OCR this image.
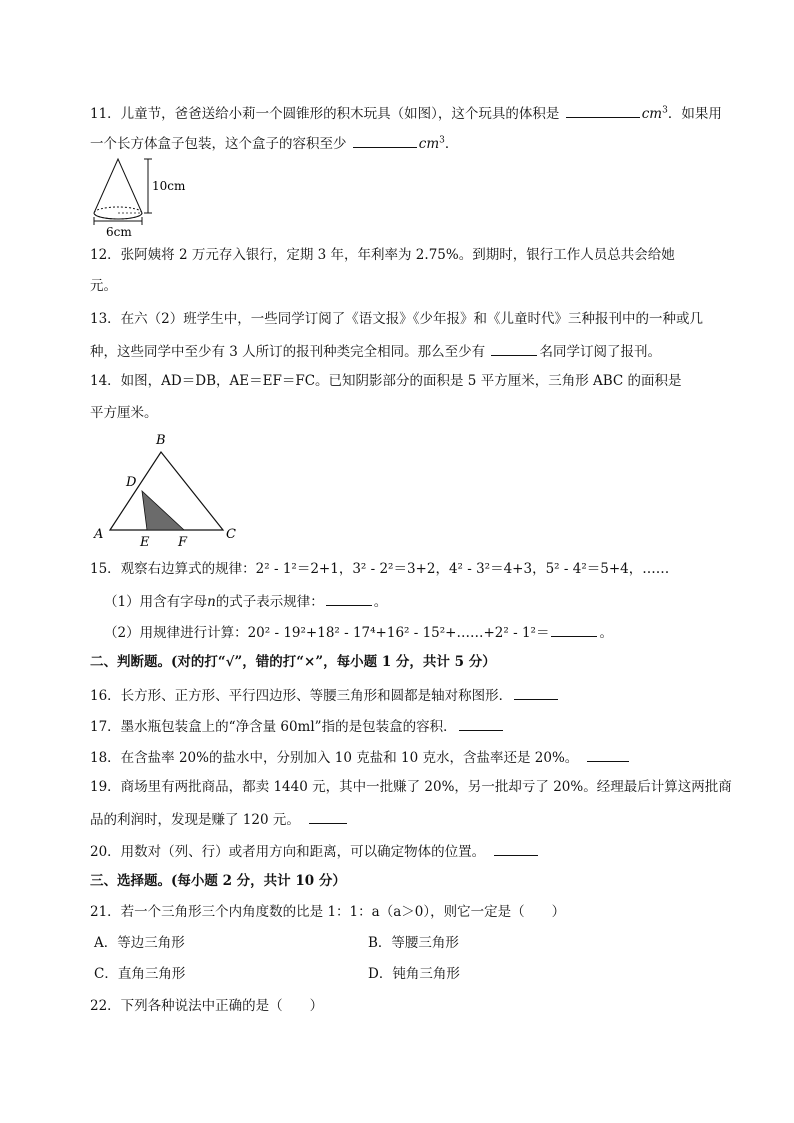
11．儿童节，爸爸送给小莉一个圆锥形的积木玩具（如图），这个玩具的体积是	$cm^3$．如果用
一个长方体盒子包装，这个盒子的容积至少	$cm^3$．
10cm
6cm
12．张阿姨将 2 万元存入银行，定期 3 年，年利率为 2.75%。到期时，银行工作人员总共会给她
元。
13．在六（2）班学生中，一些同学订阅了《语文报》《少年报》和《儿童时代》三种报刊中的一种或几
种，这些同学中至少有 3 人所订的报刊种类完全相同。那么至少有	名同学订阅了报刊。
14．如图，AD＝DB，AE＝EF＝FC。已知阴影部分的面积是 5 平方厘米，三角形 ABC 的面积是
平方厘米。
B
D
A	C
E F
15．观察右边算式的规律：2² - 1²＝2+1，3² - 2²＝3+2，4² - 3²＝4+3，5² - 4²＝5+4，……
（1）用含有字母n的式子表示规律：	。
（2）用规律进行计算：20² - 19²+18² - 17⁴+16² - 15²+……+2² - 1²＝	。
二、判断题。(对的打“√”，错的打“×”，每小题 1 分，共计 5 分）
16．长方形、正方形、平行四边形、等腰三角形和圆都是轴对称图形．
17．墨水瓶包装盒上的“净含量 60ml”指的是包装盒的容积．
18．在含盐率 20%的盐水中，分别加入 10 克盐和 10 克水，含盐率还是 20%。　
19．商场里有两批商品，都卖 1440 元，其中一批赚了 20%，另一批却亏了 20%。经理最后计算这两批商
品的利润时，发现是赚了 120 元。　
20．用数对（列、行）或者用方向和距离，可以确定物体的位置。　
三、选择题。(每小题 2 分，共计 10 分）
21．若一个三角形三个内角度数的比是 1：1：a（a＞0），则它一定是（　　）
A．等边三角形	B．等腰三角形
C．直角三角形	D．钝角三角形
22．下列各种说法中正确的是（　　）
